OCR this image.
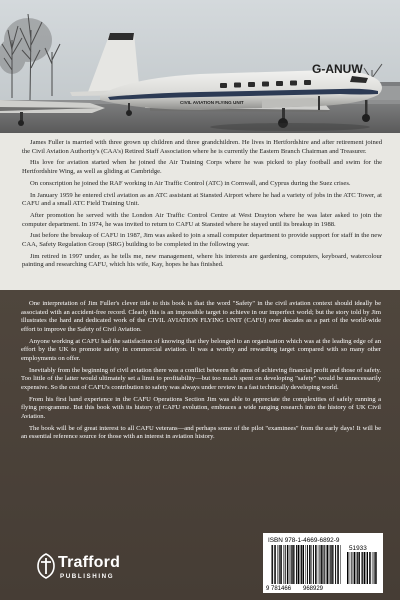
G-ANUW
CIVIL AVIATION FLYING UNIT

James Fuller is married with three grown up children and three grandchildren. He lives in Hertfordshire and after retirement joined the Civil Aviation Authority's (CAA's) Retired Staff Association where he is currently the Eastern Branch Chairman and Treasurer.

His love for aviation started when he joined the Air Training Corps where he was picked to play football and swim for the Hertfordshire Wing, as well as gliding at Cambridge.

On conscription he joined the RAF working in Air Traffic Control (ATC) in Cornwall, and Cyprus during the Suez crises.

In January 1959 he entered civil aviation as an ATC assistant at Stansted Airport where he had a variety of jobs in the ATC Tower, at CAFU and a small ATC Field Training Unit.

After promotion he served with the London Air Traffic Control Centre at West Drayton where he was later asked to join the computer department. In 1974, he was invited to return to CAFU at Stansted where he stayed until its breakup in 1988.

Just before the breakup of CAFU in 1987, Jim was asked to join a small computer department to provide support for staff in the new CAA, Safety Regulation Group (SRG) building to be completed in the following year.

Jim retired in 1997 under, as he tells me, new management, where his interests are gardening, computers, keyboard, watercolour painting and researching CAFU, which his wife, Kay, hopes he has finished.

One interpretation of Jim Fuller's clever title to this book is that the word "Safety" in the civil aviation context should ideally be associated with an accident-free record. Clearly this is an impossible target to achieve in our imperfect world; but the story told by Jim illustrates the hard and dedicated work of the CIVIL AVIATION FLYING UNIT (CAFU) over decades as a part of the world-wide effort to improve the Safety of Civil Aviation.

Anyone working at CAFU had the satisfaction of knowing that they belonged to an organisation which was at the leading edge of an effort by the UK to promote safety in commercial aviation. It was a worthy and rewarding target compared with so many other employments on offer.

Inevitably from the beginning of civil aviation there was a conflict between the aims of achieving financial profit and those of safety. Too little of the latter would ultimately set a limit to profitability—but too much spent on developing "safety" would be unnecessarily expensive. So the cost of CAFU's contribution to safety was always under review in a fast technically developing world.

From his first hand experience in the CAFU Operations Section Jim was able to appreciate the complexities of safely running a flying programme. But this book with its history of CAFU evolution, embraces a wide ranging research into the history of UK Civil Aviation.

The book will be of great interest to all CAFU veterans—and perhaps some of the pilot "examinees" from the early days! It will be an essential reference source for those with an interest in aviation history.

Trafford
PUBLISHING
ISBN 978-1-4669-6892-9
51933
9 781466 968929
